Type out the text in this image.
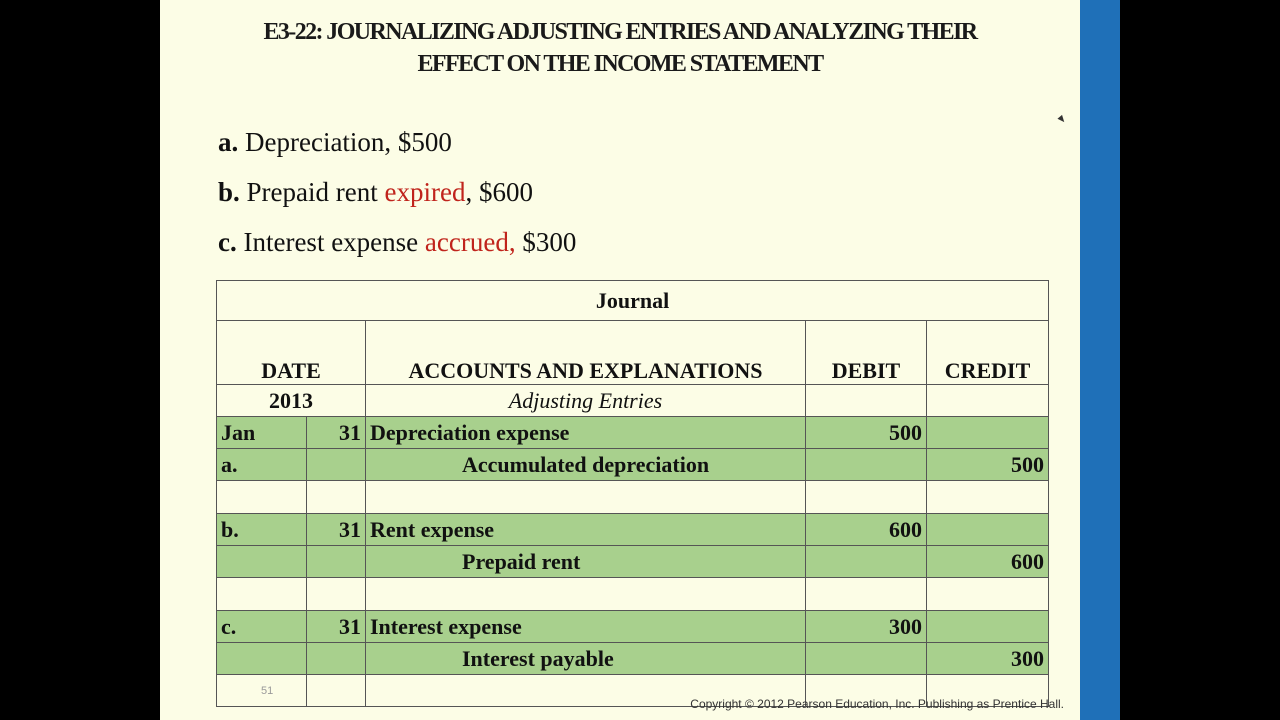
E3-22: JOURNALIZING ADJUSTING ENTRIES AND ANALYZING THEIR
EFFECT ON THE INCOME STATEMENT
a. Depreciation, $500
b. Prepaid rent expired, $600
c. Interest expense accrued, $300
Journal				
DATE		ACCOUNTS AND EXPLANATIONS	DEBIT	CREDIT
2013		Adjusting Entries		
Jan	31	Depreciation expense	500	
a.		Accumulated depreciation		500

b.	31	Rent expense	600	
		Prepaid rent		600

c.	31	Interest expense	300	
		Interest payable		300
51				
Copyright © 2012 Pearson Education, Inc. Publishing as Prentice Hall.
